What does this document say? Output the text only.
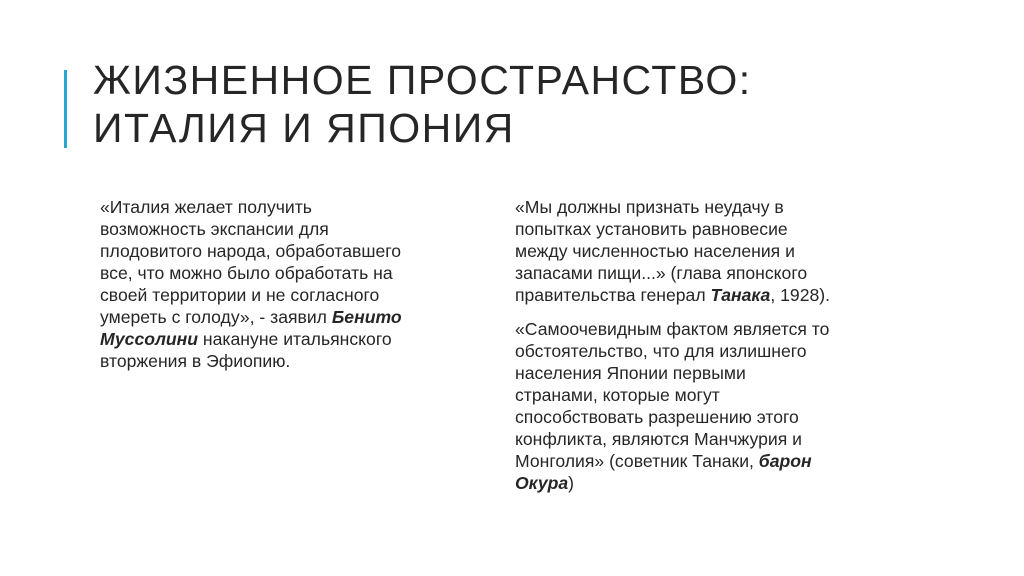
ЖИЗНЕННОЕ ПРОСТРАНСТВО:
ИТАЛИЯ И ЯПОНИЯ

«Италия желает получить
возможность экспансии для
плодовитого народа, обработавшего
все, что можно было обработать на
своей территории и не согласного
умереть с голоду», - заявил Бенито
Муссолини накануне итальянского
вторжения в Эфиопию.

«Мы должны признать неудачу в
попытках установить равновесие
между численностью населения и
запасами пищи...» (глава японского
правительства генерал Танака, 1928).

«Самоочевидным фактом является то
обстоятельство, что для излишнего
населения Японии первыми
странами, которые могут
способствовать разрешению этого
конфликта, являются Манчжурия и
Монголия» (советник Танаки, барон
Окура)
